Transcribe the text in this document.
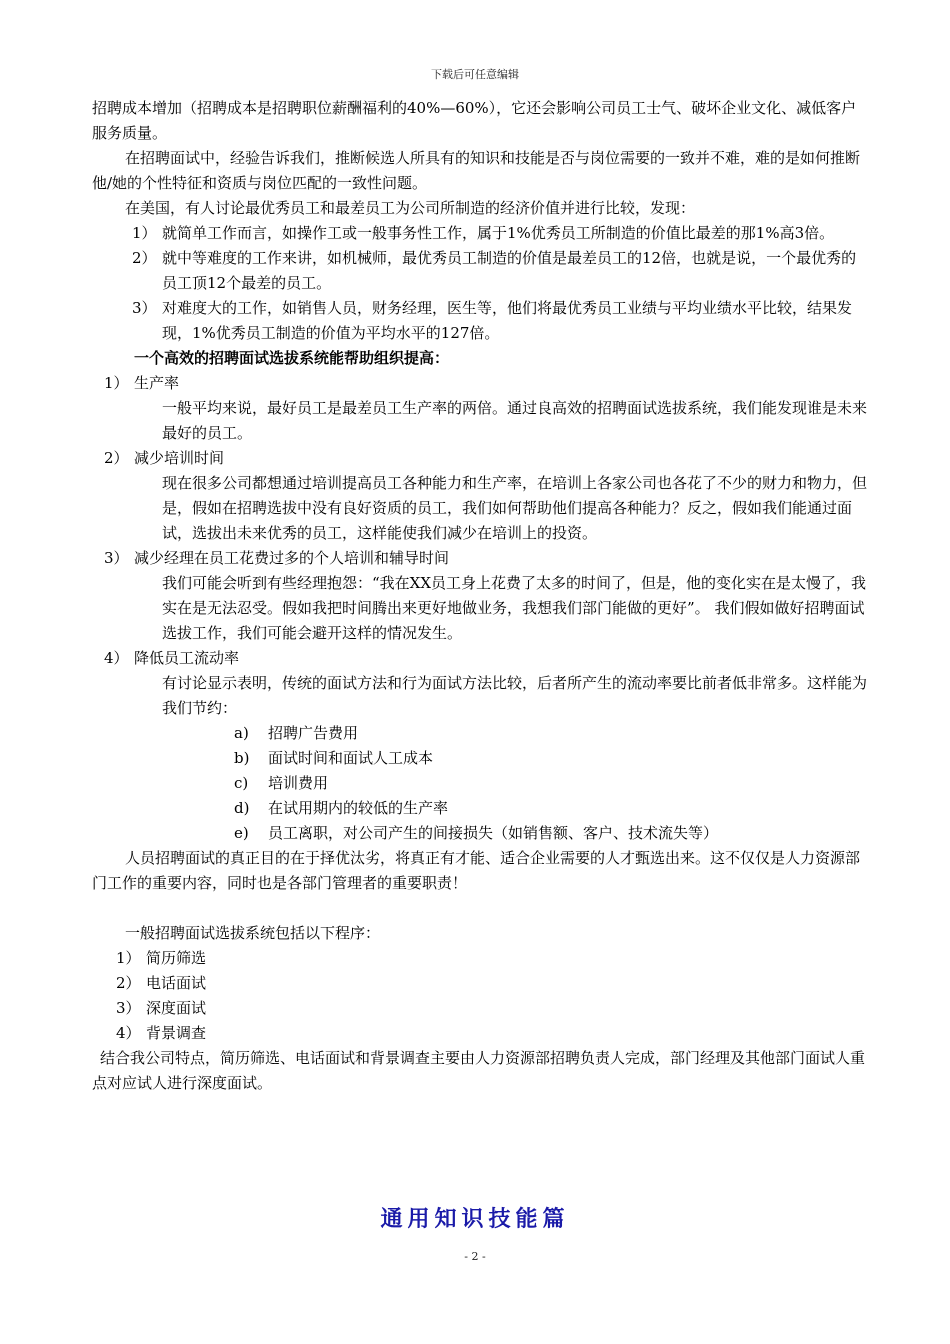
下载后可任意编辑

招聘成本增加（招聘成本是招聘职位薪酬福利的40%—60%），它还会影响公司员工士气、破坏企业文化、减低客户服务质量。

在招聘面试中，经验告诉我们，推断候选人所具有的知识和技能是否与岗位需要的一致并不难，难的是如何推断他/她的个性特征和资质与岗位匹配的一致性问题。

在美国，有人讨论最优秀员工和最差员工为公司所制造的经济价值并进行比较，发现：

1） 就简单工作而言，如操作工或一般事务性工作，属于1%优秀员工所制造的价值比最差的那1%高3倍。
2） 就中等难度的工作来讲，如机械师，最优秀员工制造的价值是最差员工的12倍，也就是说，一个最优秀的员工顶12个最差的员工。
3） 对难度大的工作，如销售人员，财务经理，医生等，他们将最优秀员工业绩与平均业绩水平比较，结果发现，1%优秀员工制造的价值为平均水平的127倍。

一个高效的招聘面试选拔系统能帮助组织提高：

1） 生产率

一般平均来说，最好员工是最差员工生产率的两倍。通过良高效的招聘面试选拔系统，我们能发现谁是未来最好的员工。

2） 减少培训时间

现在很多公司都想通过培训提高员工各种能力和生产率，在培训上各家公司也各花了不少的财力和物力，但是，假如在招聘选拔中没有良好资质的员工，我们如何帮助他们提高各种能力？反之，假如我们能通过面试，选拔出未来优秀的员工，这样能使我们减少在培训上的投资。

3） 减少经理在员工花费过多的个人培训和辅导时间

我们可能会听到有些经理抱怨：“我在XX员工身上花费了太多的时间了，但是，他的变化实在是太慢了，我实在是无法忍受。假如我把时间腾出来更好地做业务，我想我们部门能做的更好”。 我们假如做好招聘面试选拔工作，我们可能会避开这样的情况发生。

4） 降低员工流动率

有讨论显示表明，传统的面试方法和行为面试方法比较，后者所产生的流动率要比前者低非常多。这样能为我们节约：

a) 招聘广告费用
b) 面试时间和面试人工成本
c) 培训费用
d) 在试用期内的较低的生产率
e) 员工离职，对公司产生的间接损失（如销售额、客户、技术流失等）

人员招聘面试的真正目的在于择优汰劣，将真正有才能、适合企业需要的人才甄选出来。这不仅仅是人力资源部门工作的重要内容，同时也是各部门管理者的重要职责！

一般招聘面试选拔系统包括以下程序：

1） 简历筛选
2） 电话面试
3） 深度面试
4） 背景调查

结合我公司特点，简历筛选、电话面试和背景调查主要由人力资源部招聘负责人完成，部门经理及其他部门面试人重点对应试人进行深度面试。

通用知识技能篇
- 2 -
